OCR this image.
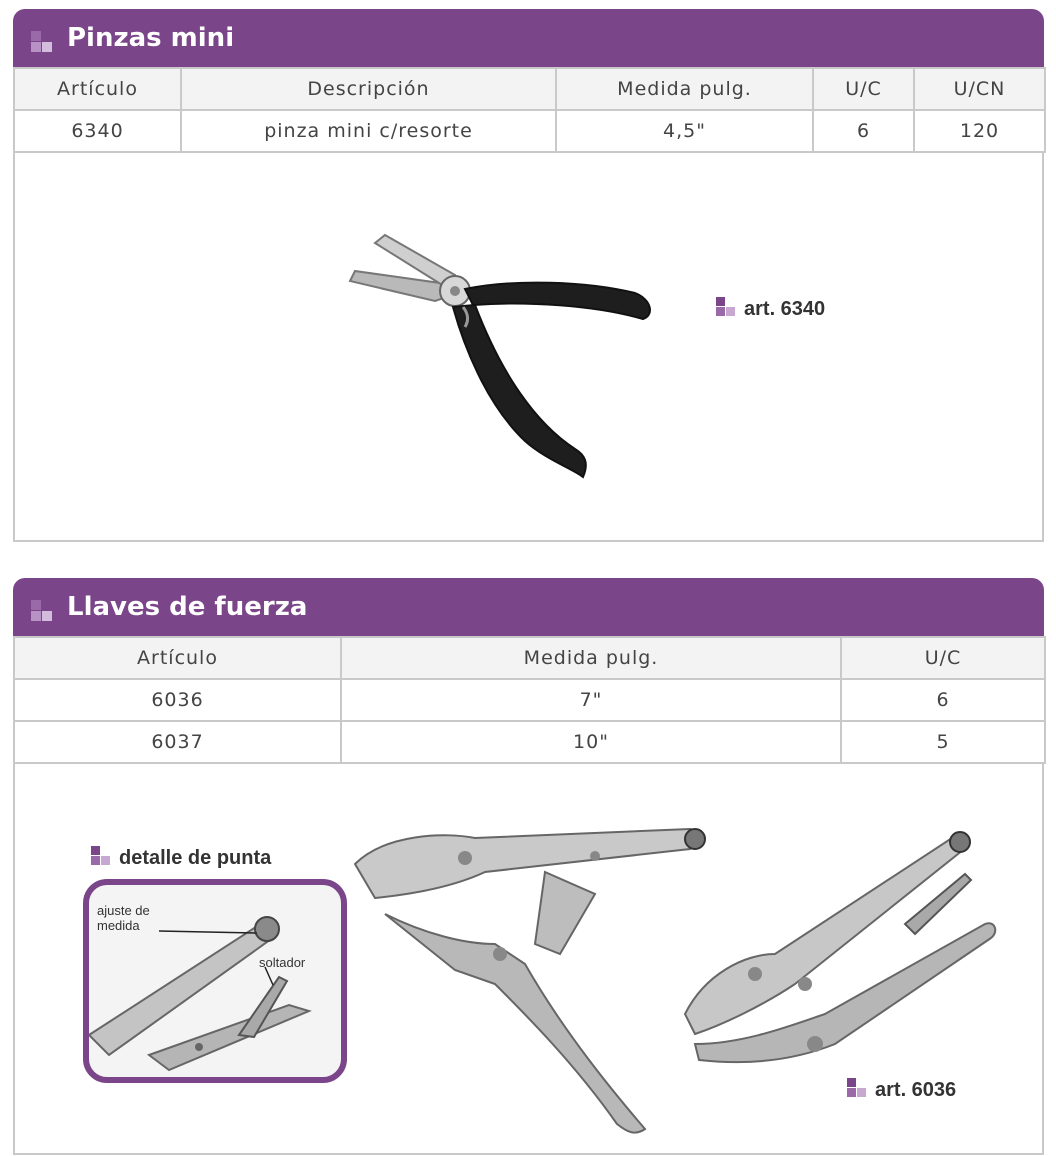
Pinzas mini
Artículo	Descripción	Medida pulg.	U/C	U/CN
6340	pinza mini c/resorte	4,5"	6	120
art. 6340
Llaves de fuerza
Artículo	Medida pulg.	U/C
6036	7"	6
6037	10"	5
detalle de punta
ajuste de medida
soltador
art. 6036
